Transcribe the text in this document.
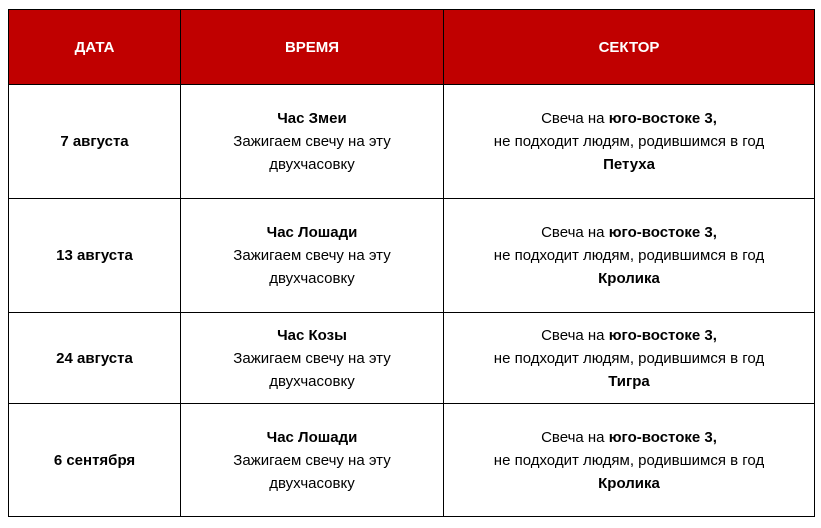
ДАТА	ВРЕМЯ	СЕКТОР
7 августа	Час Змеи
Зажигаем свечу на эту
двухчасовку	Свеча на юго-востоке 3,
не подходит людям, родившимся в год
Петуха

13 августа	Час Лошади
Зажигаем свечу на эту
двухчасовку	Свеча на юго-востоке 3,
не подходит людям, родившимся в год
Кролика

24 августа	Час Козы
Зажигаем свечу на эту
двухчасовку	Свеча на юго-востоке 3,
не подходит людям, родившимся в год
Тигра

6 сентября	Час Лошади
Зажигаем свечу на эту
двухчасовку	Свеча на юго-востоке 3,
не подходит людям, родившимся в год
Кролика
